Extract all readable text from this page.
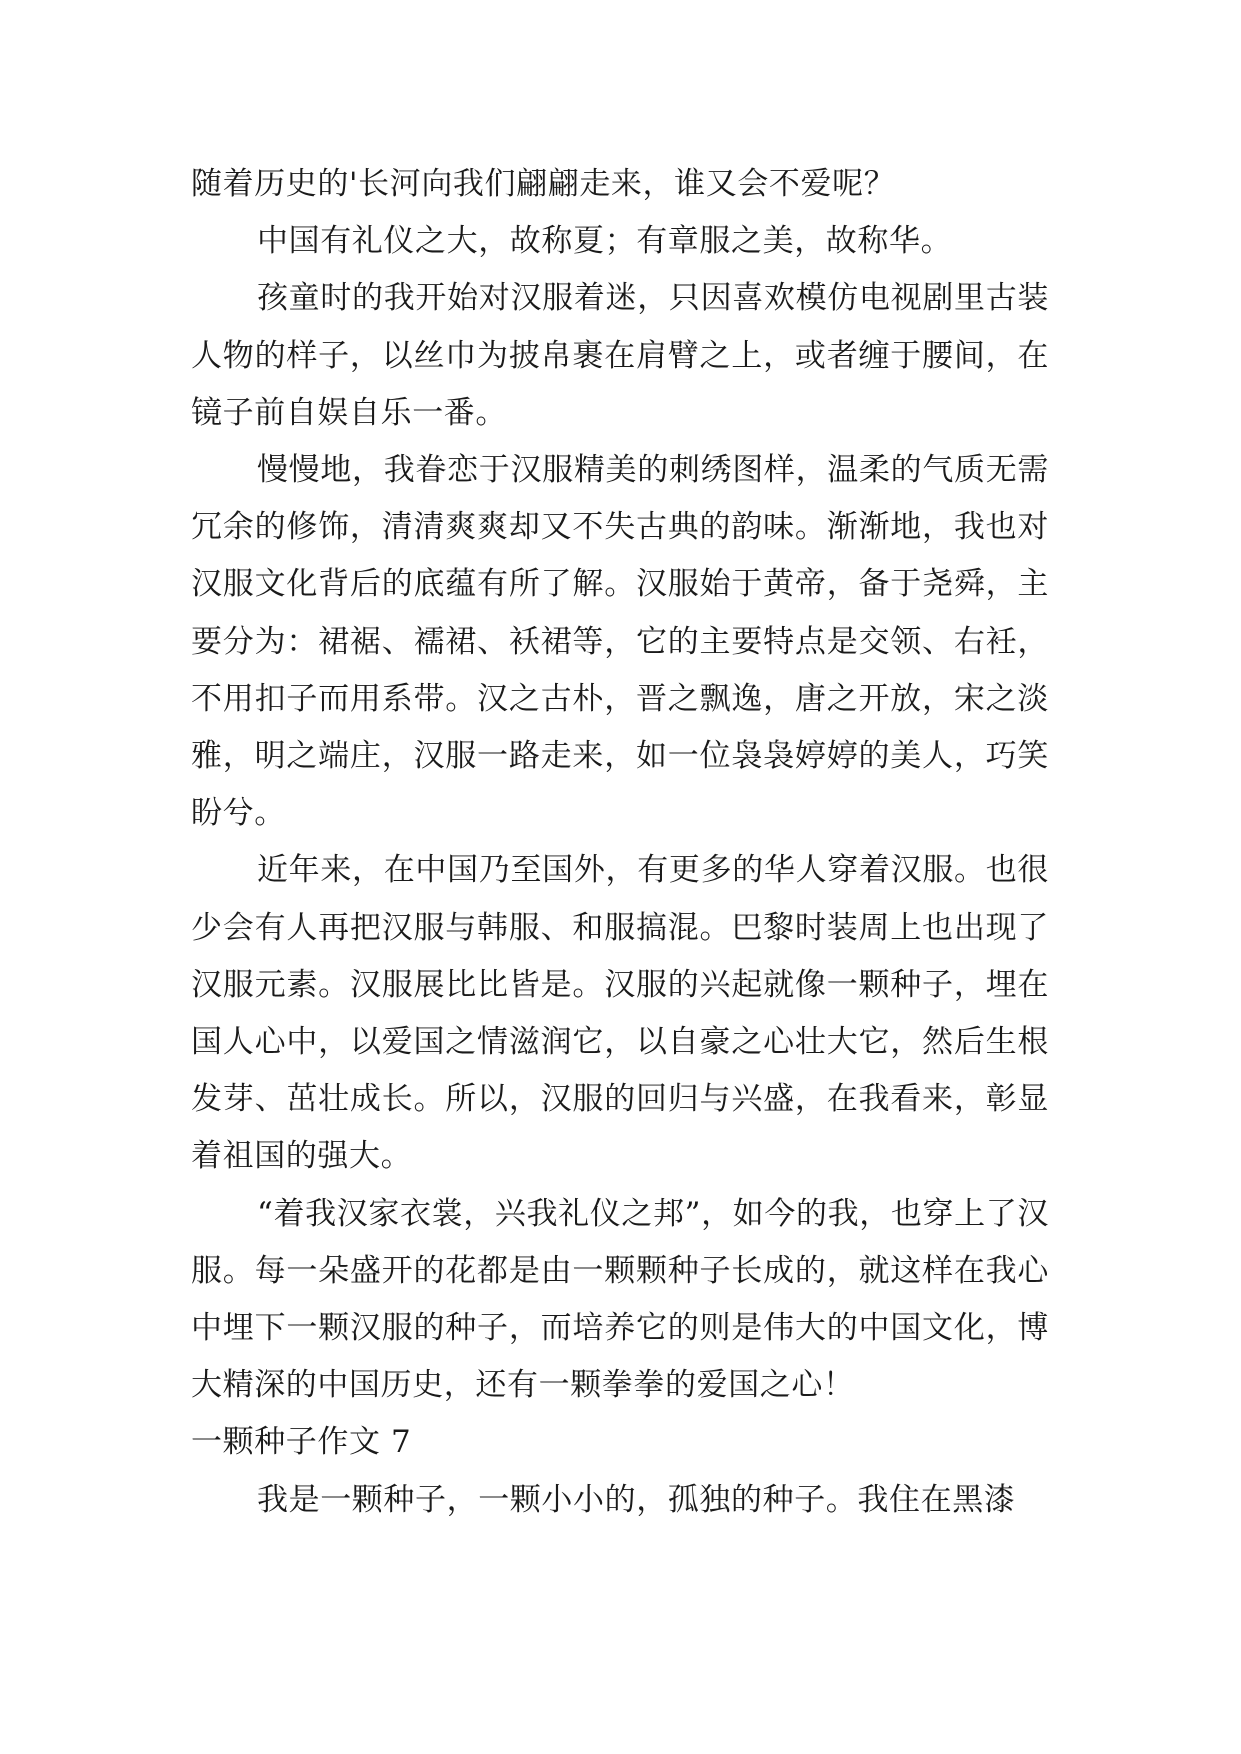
随着历史的'长河向我们翩翩走来，谁又会不爱呢？

中国有礼仪之大，故称夏；有章服之美，故称华。

孩童时的我开始对汉服着迷，只因喜欢模仿电视剧里古装人物的样子，以丝巾为披帛裹在肩臂之上，或者缠于腰间，在镜子前自娱自乐一番。

慢慢地，我眷恋于汉服精美的刺绣图样，温柔的气质无需冗余的修饰，清清爽爽却又不失古典的韵味。渐渐地，我也对汉服文化背后的底蕴有所了解。汉服始于黄帝，备于尧舜，主要分为：裙裾、襦裙、袄裙等，它的主要特点是交领、右衽，不用扣子而用系带。汉之古朴，晋之飘逸，唐之开放，宋之淡雅，明之端庄，汉服一路走来，如一位袅袅婷婷的美人，巧笑盼兮。

近年来，在中国乃至国外，有更多的华人穿着汉服。也很少会有人再把汉服与韩服、和服搞混。巴黎时装周上也出现了汉服元素。汉服展比比皆是。汉服的兴起就像一颗种子，埋在国人心中，以爱国之情滋润它，以自豪之心壮大它，然后生根发芽、茁壮成长。所以，汉服的回归与兴盛，在我看来，彰显着祖国的强大。

“着我汉家衣裳，兴我礼仪之邦”，如今的我，也穿上了汉服。每一朵盛开的花都是由一颗颗种子长成的，就这样在我心中埋下一颗汉服的种子，而培养它的则是伟大的中国文化，博大精深的中国历史，还有一颗拳拳的爱国之心！

一颗种子作文 7

我是一颗种子，一颗小小的，孤独的种子。我住在黑漆
